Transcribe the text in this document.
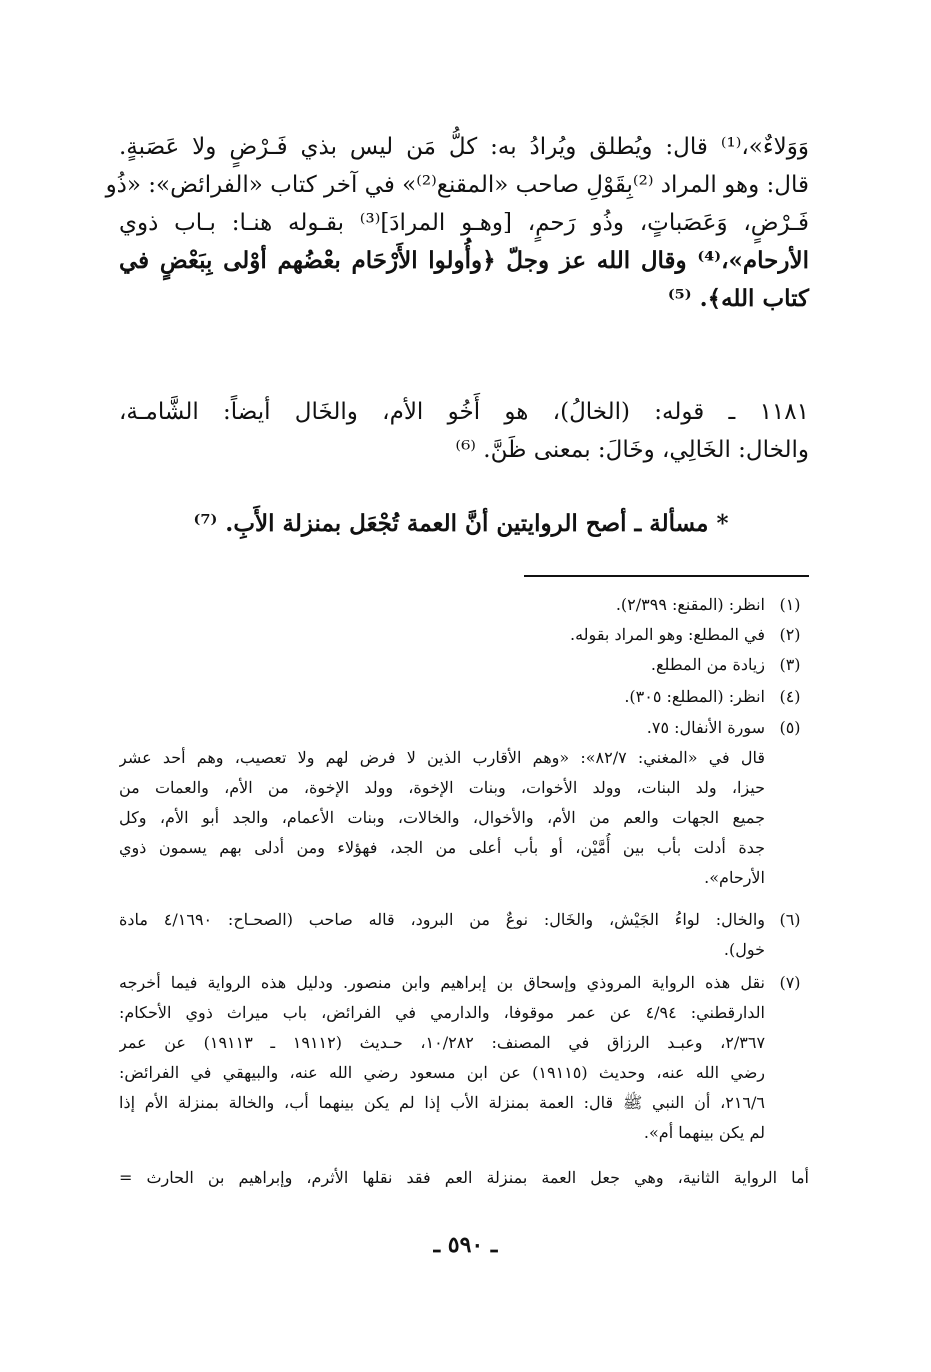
وَوَلاءٌ»،⁽¹⁾ قال: ويُطلق ويُرادُ به: كلُّ مَن ليس بذي فَـرْضٍ ولا عَصَبةٍ.
قال: وهو المراد ⁽²⁾بِقَوْلِ صاحب «المقنع⁽²⁾» في آخر كتاب «الفرائض»: «ذُو
فَـرْضٍ، وَعَصَباتٍ، وذُو رَحمٍ، [وهـو المرادَ]⁽³⁾ بقـوله هنـا: بـاب ذوي
الأرحام»،⁽⁴⁾ وقال الله عز وجلّ ﴿وأُولوا الأَرْحَام بعْضُهم أوْلى بِبَعْضٍ في
كتاب الله﴾. ⁽⁵⁾
١١٨١ ـ قوله: (الخالُ)، هو أَخُو الأم، والخَال أيضاً: الشَّامـة،
والخال: الخَالِي، وخَالَ: بمعنى ظَنَّ. ⁽⁶⁾
* مسألة ـ أصح الروايتين أنَّ العمة تُجْعَل بمنزلة الأَبِ. ⁽⁷⁾
(١)
انظر: (المقنع: ٢/٣٩٩).
(٢)
في المطلع: وهو المراد بقوله.
(٣)
زيادة من المطلع.
(٤)
انظر: (المطلع: ٣٠٥).
(٥)
سورة الأنفال: ٧٥.
قال في «المغني: ٨٢/٧»: «وهم الأقارب الذين لا فرض لهم ولا تعصيب، وهم أحد عشر
حيزا، ولد البنات، وولد الأخوات، وبنات الإخوة، وولد الإخوة، من الأم، والعمات من
جميع الجهات والعم من الأم، والأخوال، والخالات، وبنات الأعمام، والجد أبو الأم، وكل
جدة أدلت بأب بين أُمَّيْن، أو بأب أعلى من الجد، فهؤلاء ومن أدلى بهم يسمون ذوي
الأرحام».
(٦)
والخال: لواءُ الجَيْش، والخَال: نوعٌ من البرود، قاله صاحب (الصحـاح: ٤/١٦٩٠ مادة
خول).
(٧)
نقل هذه الرواية المروذي وإسحاق بن إبراهيم وابن منصور. ودليل هذه الرواية فيما أخرجه
الدارقطني: ٤/٩٤ عن عمر موقوفا، والدارمي في الفرائض، باب ميراث ذوي الأحكام:
٢/٣٦٧، وعبـد الرزاق في المصنف: ١٠/٢٨٢، حـديث (١٩١١٢ ـ ١٩١١٣) عن عمر
رضي الله عنه، وحديث (١٩١١٥) عن ابن مسعود رضي الله عنه، والبيهقي في الفرائض:
٢١٦/٦، أن النبي ﷺ قال: العمة بمنزلة الأب إذا لم يكن بينهما أب، والخالة بمنزلة الأم إذا
لم يكن بينهما أم».
أما الرواية الثانية، وهي جعل العمة بمنزلة العم فقد نقلها الأثرم، وإبراهيم بن الحارث =
ـ ٥٩٠ ـ
